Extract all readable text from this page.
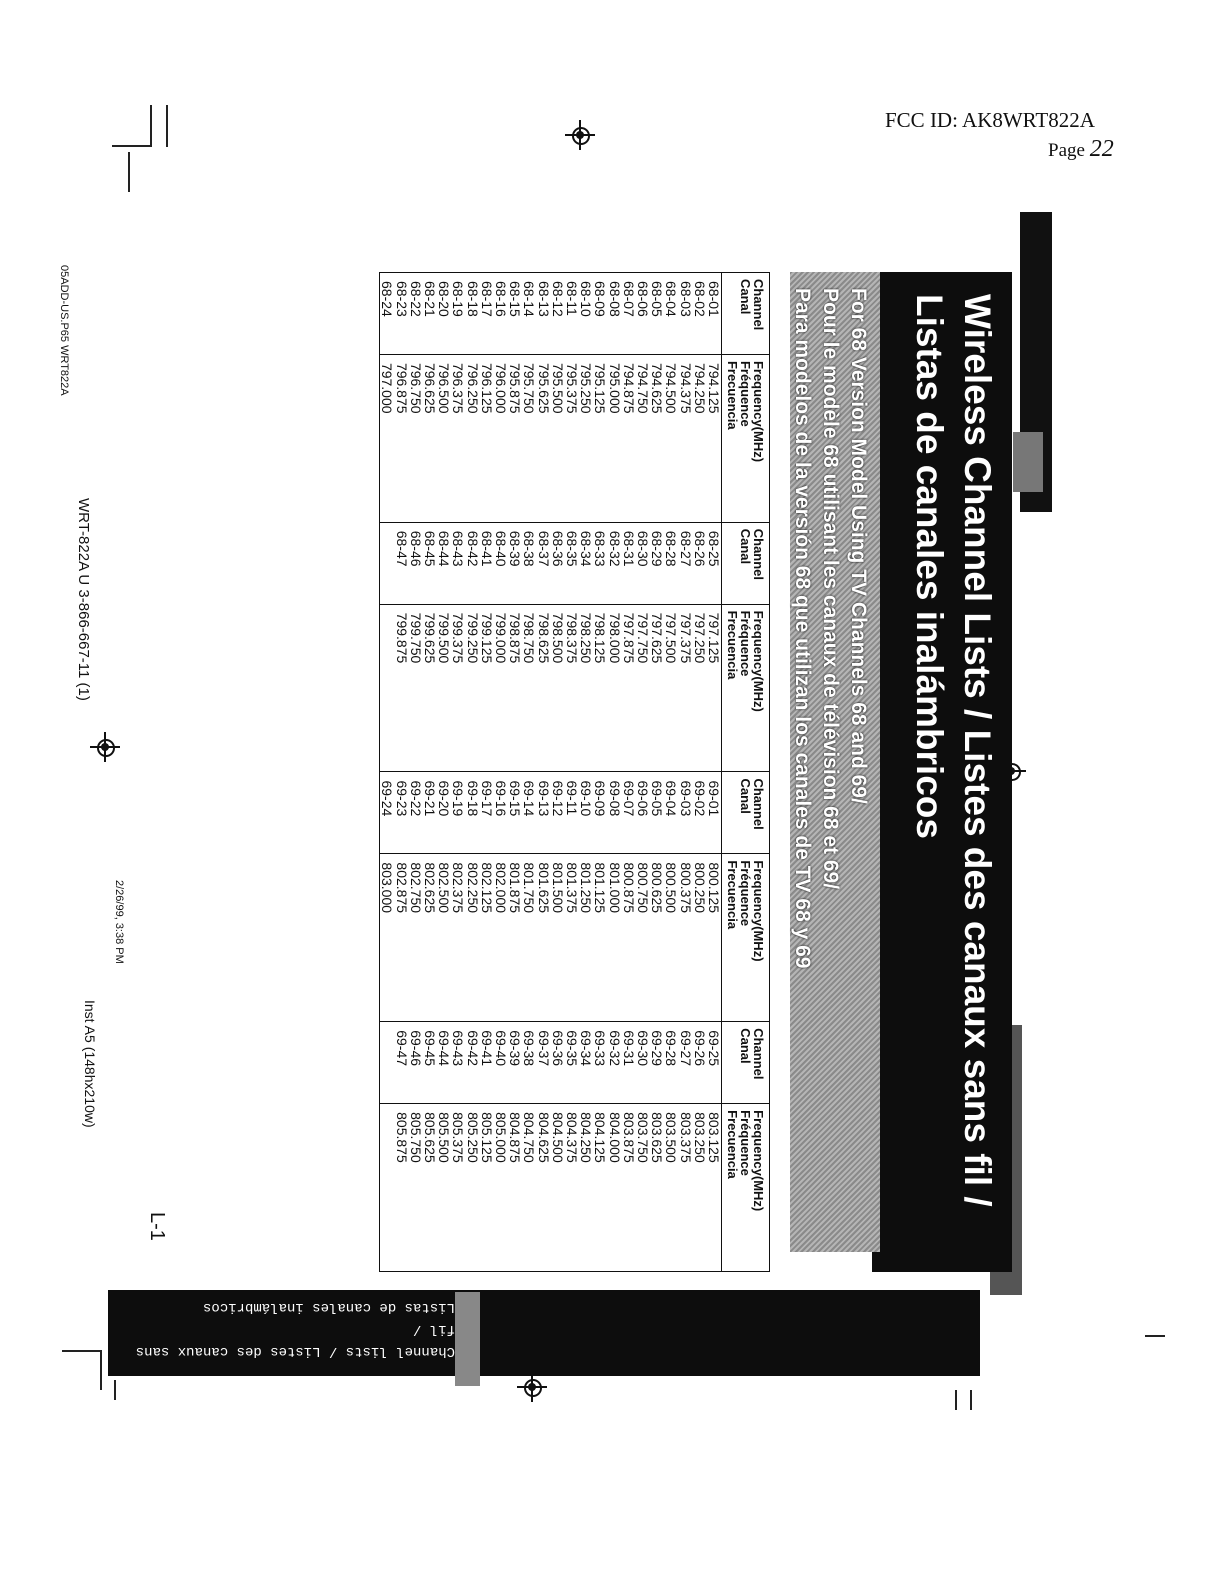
FCC ID: AK8WRT822A
Page 22
Channel lists / Listes des canaux sans fil /
Listas de canales inalámbricos
05ADD-US.P65 WRT822A
WRT-822A U 3-866-667-11 (1)
2/26/99, 3:38 PM
Inst A5 (148hx210w)
L-1
Wireless Channel Lists / Listes des canaux sans fil /
Listas de canales inalámbricos
For 68 Version Model Using TV Channels 68 and 69/
Pour le modèle 68 utilisant les canaux de télévision 68 et 69/
Para modelos de la versión 68 que utilizan los canales de TV 68 y 69
Channel
Canal	Frequency(MHz)
Fréquence
Frecuencia	Channel
Canal	Frequency(MHz)
Fréquence
Frecuencia	Channel
Canal	Frequency(MHz)
Fréquence
Frecuencia	Channel
Canal	Frequency(MHz)
Fréquence
Frecuencia
68-01	794.125	68-25	797.125	69-01	800.125	69-25	803.125
68-02	794.250	68-26	797.250	69-02	800.250	69-26	803.250
68-03	794.375	68-27	797.375	69-03	800.375	69-27	803.375
68-04	794.500	68-28	797.500	69-04	800.500	69-28	803.500
68-05	794.625	68-29	797.625	69-05	800.625	69-29	803.625
68-06	794.750	68-30	797.750	69-06	800.750	69-30	803.750
68-07	794.875	68-31	797.875	69-07	800.875	69-31	803.875
68-08	795.000	68-32	798.000	69-08	801.000	69-32	804.000
68-09	795.125	68-33	798.125	69-09	801.125	69-33	804.125
68-10	795.250	68-34	798.250	69-10	801.250	69-34	804.250
68-11	795.375	68-35	798.375	69-11	801.375	69-35	804.375
68-12	795.500	68-36	798.500	69-12	801.500	69-36	804.500
68-13	795.625	68-37	798.625	69-13	801.625	69-37	804.625
68-14	795.750	68-38	798.750	69-14	801.750	69-38	804.750
68-15	795.875	68-39	798.875	69-15	801.875	69-39	804.875
68-16	796.000	68-40	799.000	69-16	802.000	69-40	805.000
68-17	796.125	68-41	799.125	69-17	802.125	69-41	805.125
68-18	796.250	68-42	799.250	69-18	802.250	69-42	805.250
68-19	796.375	68-43	799.375	69-19	802.375	69-43	805.375
68-20	796.500	68-44	799.500	69-20	802.500	69-44	805.500
68-21	796.625	68-45	799.625	69-21	802.625	69-45	805.625
68-22	796.750	68-46	799.750	69-22	802.750	69-46	805.750
68-23	796.875	68-47	799.875	69-23	802.875	69-47	805.875
68-24	797.000			69-24	803.000		
